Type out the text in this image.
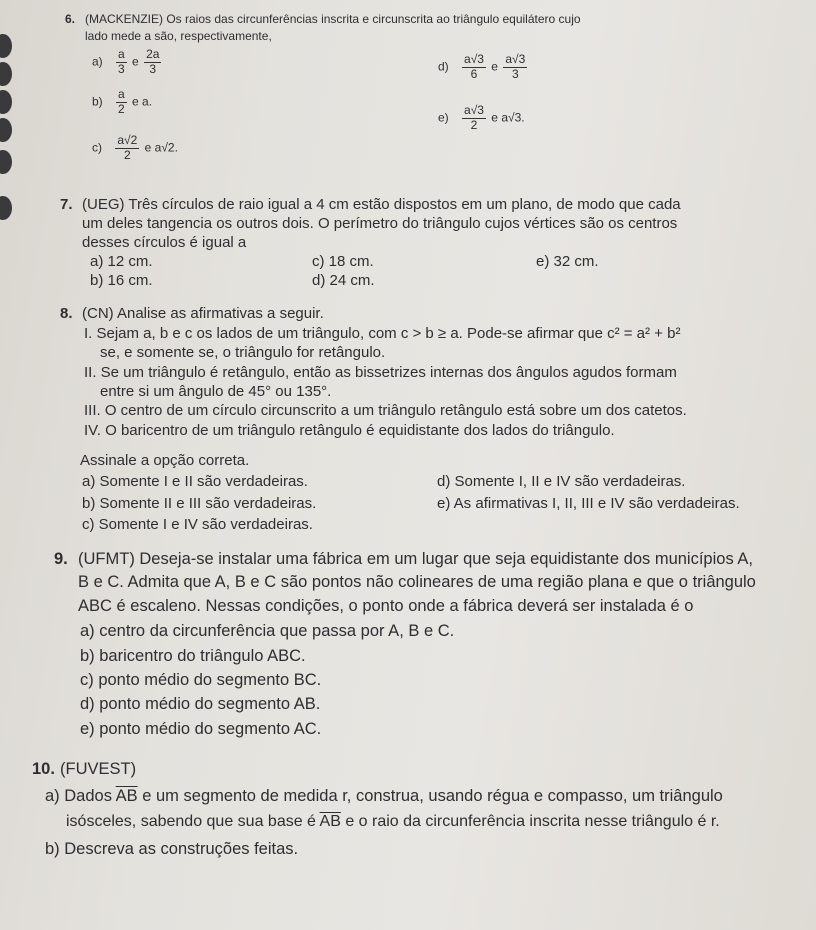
6. (MACKENZIE) Os raios das circunferências inscrita e circunscrita ao triângulo equilátero cujo
lado mede a são, respectivamente,
$a) \frac{a}{3}$ e $\frac{2a}{3}$
$b) \frac{a}{2}$ e a.
$c) \frac{a√2}{2}$ e a√2.
$d) \frac{a√3}{6}$ e $\frac{a√3}{3}$
$e) \frac{a√3}{2}$ e a√3.
7. (UEG) Três círculos de raio igual a 4 cm estão dispostos em um plano, de modo que cada
um deles tangencia os outros dois. O perímetro do triângulo cujos vértices são os centros
desses círculos é igual a
a) 12 cm.
b) 16 cm.
c) 18 cm.
d) 24 cm.
e) 32 cm.
8. (CN) Analise as afirmativas a seguir.
I. Sejam a, b e c os lados de um triângulo, com c > b ≥ a. Pode-se afirmar que c² = a² + b²
se, e somente se, o triângulo for retângulo.
II. Se um triângulo é retângulo, então as bissetrizes internas dos ângulos agudos formam
entre si um ângulo de 45° ou 135°.
III. O centro de um círculo circunscrito a um triângulo retângulo está sobre um dos catetos.
IV. O baricentro de um triângulo retângulo é equidistante dos lados do triângulo.
Assinale a opção correta.
a) Somente I e II são verdadeiras.
b) Somente II e III são verdadeiras.
c) Somente I e IV são verdadeiras.
d) Somente I, II e IV são verdadeiras.
e) As afirmativas I, II, III e IV são verdadeiras.
9. (UFMT) Deseja-se instalar uma fábrica em um lugar que seja equidistante dos municípios A,
B e C. Admita que A, B e C são pontos não colineares de uma região plana e que o triângulo
ABC é escaleno. Nessas condições, o ponto onde a fábrica deverá ser instalada é o
a) centro da circunferência que passa por A, B e C.
b) baricentro do triângulo ABC.
c) ponto médio do segmento BC.
d) ponto médio do segmento AB.
e) ponto médio do segmento AC.
10. (FUVEST)
a) Dados $\overline{AB}$ e um segmento de medida r, construa, usando régua e compasso, um triângulo
isósceles, sabendo que sua base é $\overline{AB}$ e o raio da circunferência inscrita nesse triângulo é r.
b) Descreva as construções feitas.
